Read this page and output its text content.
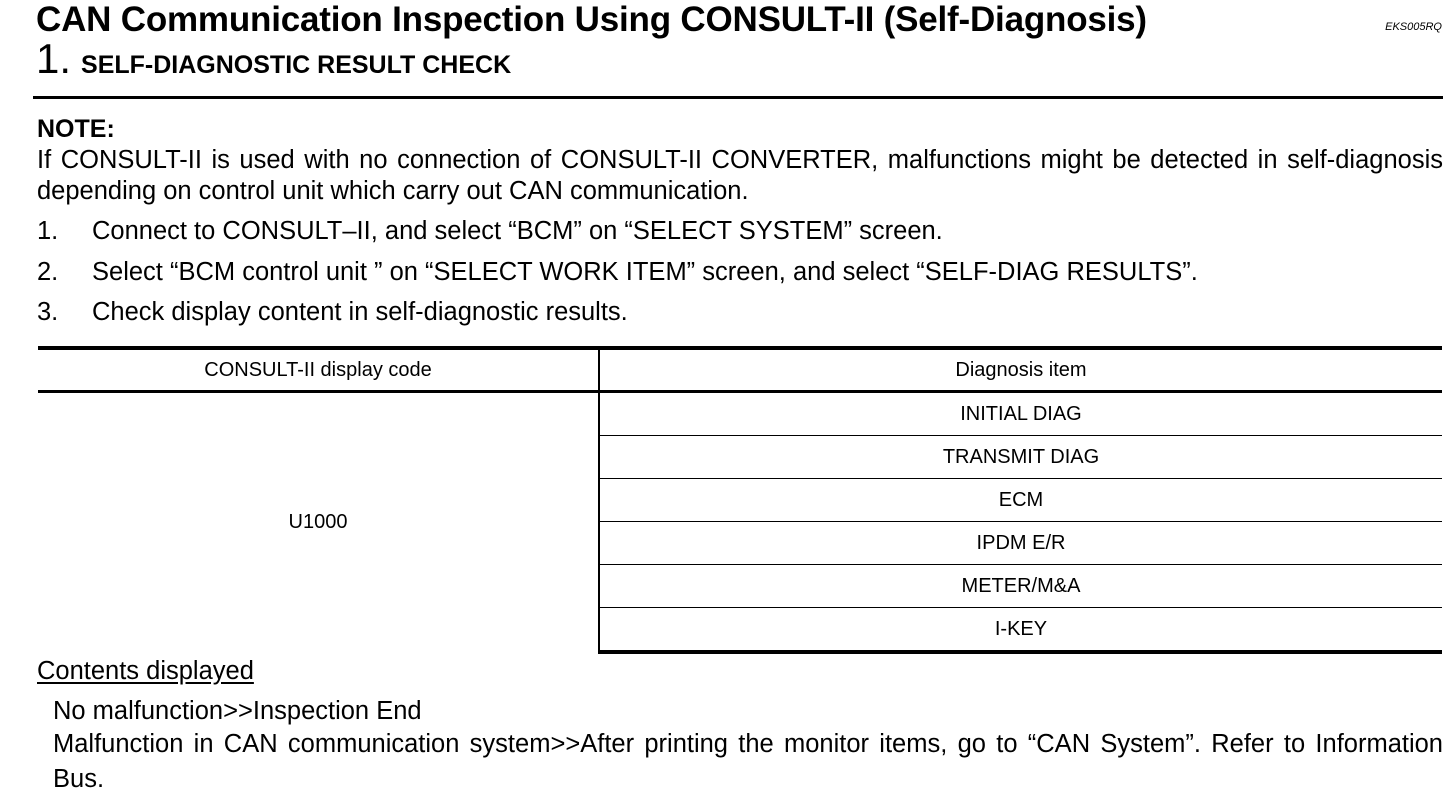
CAN Communication Inspection Using CONSULT-II (Self-Diagnosis)	EKS005RQ
1. SELF-DIAGNOSTIC RESULT CHECK
NOTE:
If CONSULT-II is used with no connection of CONSULT-II CONVERTER, malfunctions might be detected in self-diagnosis depending on control unit which carry out CAN communication.
1.	Connect to CONSULT–II, and select “BCM” on “SELECT SYSTEM” screen.
2.	Select “BCM control unit ” on “SELECT WORK ITEM” screen, and select “SELF-DIAG RESULTS”.
3.	Check display content in self-diagnostic results.
CONSULT-II display code	Diagnosis item
U1000	INITIAL DIAG
	TRANSMIT DIAG
	ECM
	IPDM E/R
	METER/M&A
	I-KEY
Contents displayed
No malfunction>>Inspection End
Malfunction in CAN communication system>>After printing the monitor items, go to “CAN System”. Refer to Information Bus.
